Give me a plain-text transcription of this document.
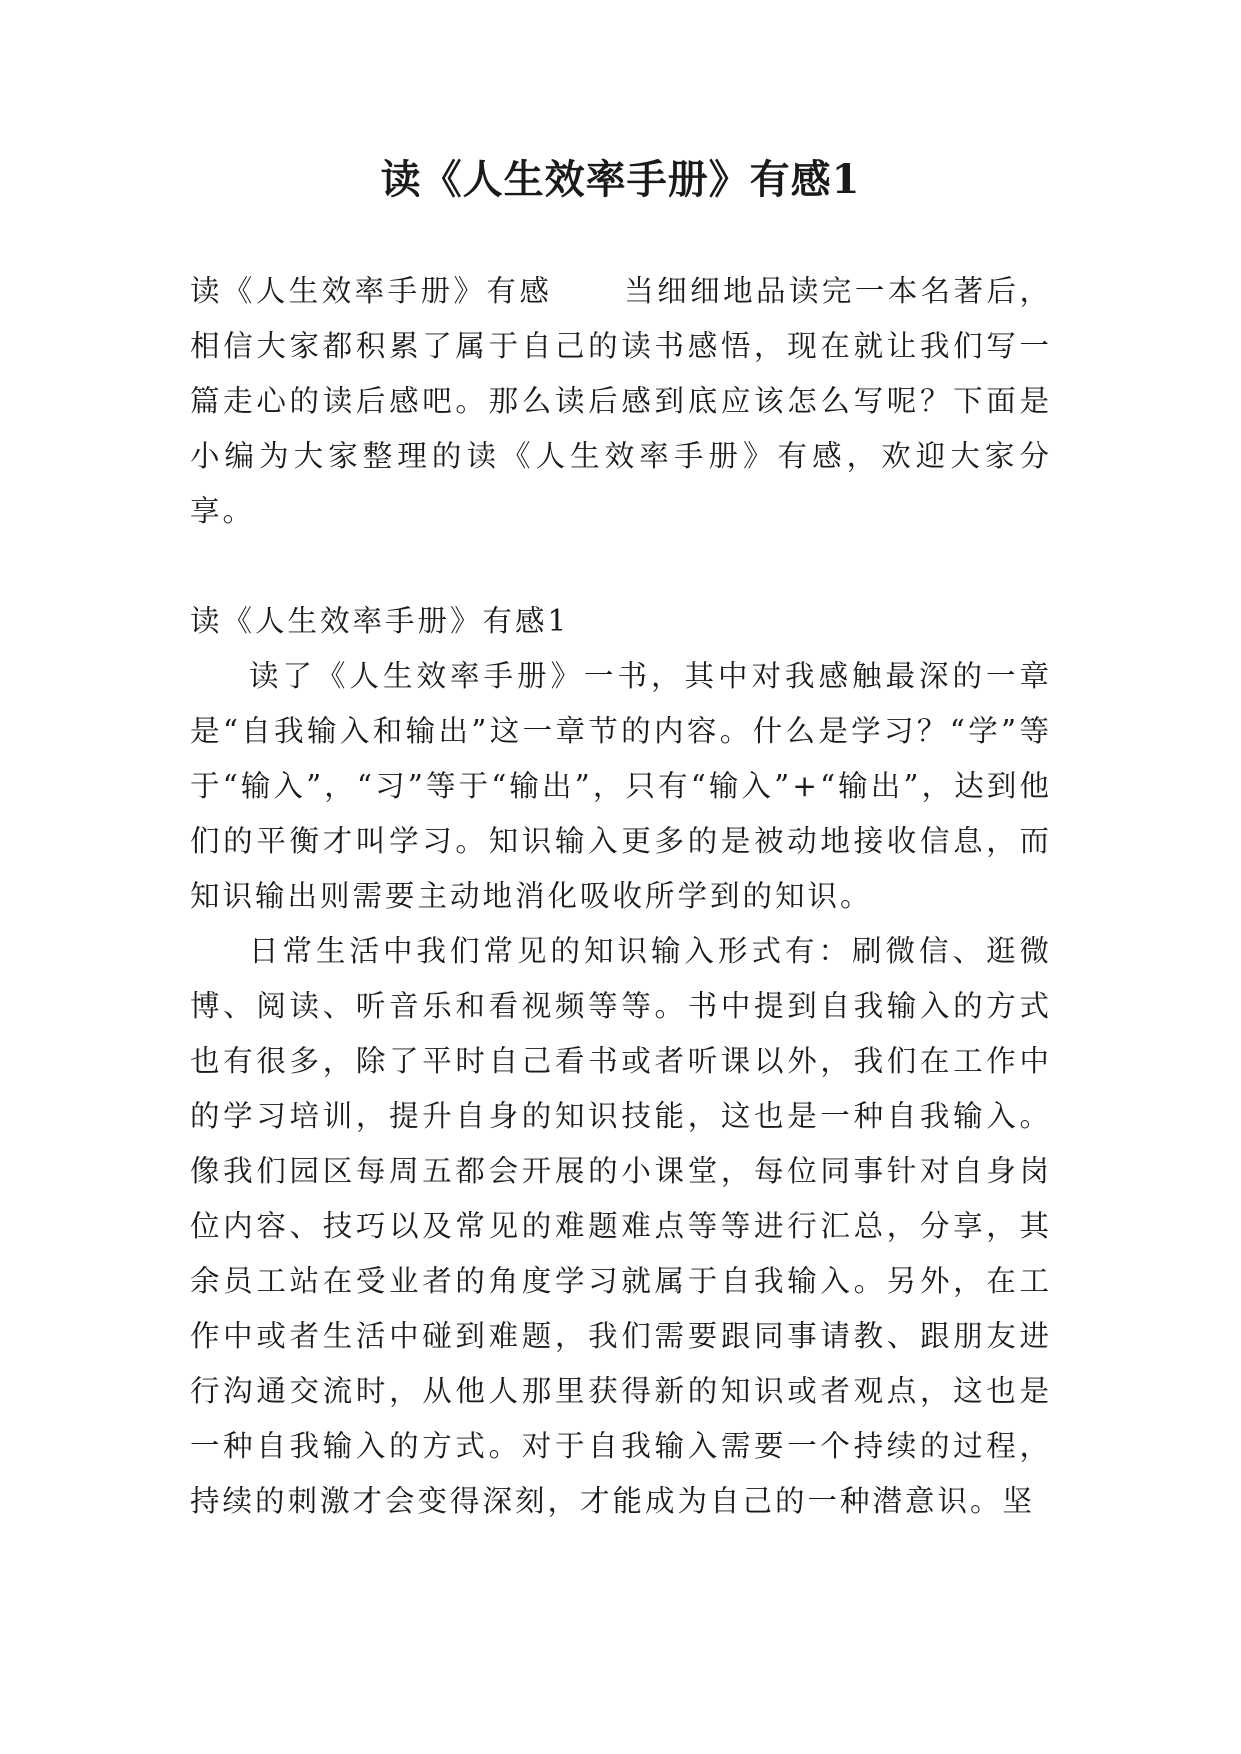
读《人生效率手册》有感1

读《人生效率手册》有感 当细细地品读完一本名著后，相信大家都积累了属于自己的读书感悟，现在就让我们写一篇走心的读后感吧。那么读后感到底应该怎么写呢？下面是小编为大家整理的读《人生效率手册》有感，欢迎大家分享。

读《人生效率手册》有感1

读了《人生效率手册》一书，其中对我感触最深的一章是“自我输入和输出”这一章节的内容。什么是学习？“学”等于“输入”，“习”等于“输出”，只有“输入”+“输出”，达到他们的平衡才叫学习。知识输入更多的是被动地接收信息，而知识输出则需要主动地消化吸收所学到的知识。

日常生活中我们常见的知识输入形式有：刷微信、逛微博、阅读、听音乐和看视频等等。书中提到自我输入的方式也有很多，除了平时自己看书或者听课以外，我们在工作中的学习培训，提升自身的知识技能，这也是一种自我输入。像我们园区每周五都会开展的小课堂，每位同事针对自身岗位内容、技巧以及常见的难题难点等等进行汇总，分享，其余员工站在受业者的角度学习就属于自我输入。另外，在工作中或者生活中碰到难题，我们需要跟同事请教、跟朋友进行沟通交流时，从他人那里获得新的知识或者观点，这也是一种自我输入的方式。对于自我输入需要一个持续的过程，持续的刺激才会变得深刻，才能成为自己的一种潜意识。坚
